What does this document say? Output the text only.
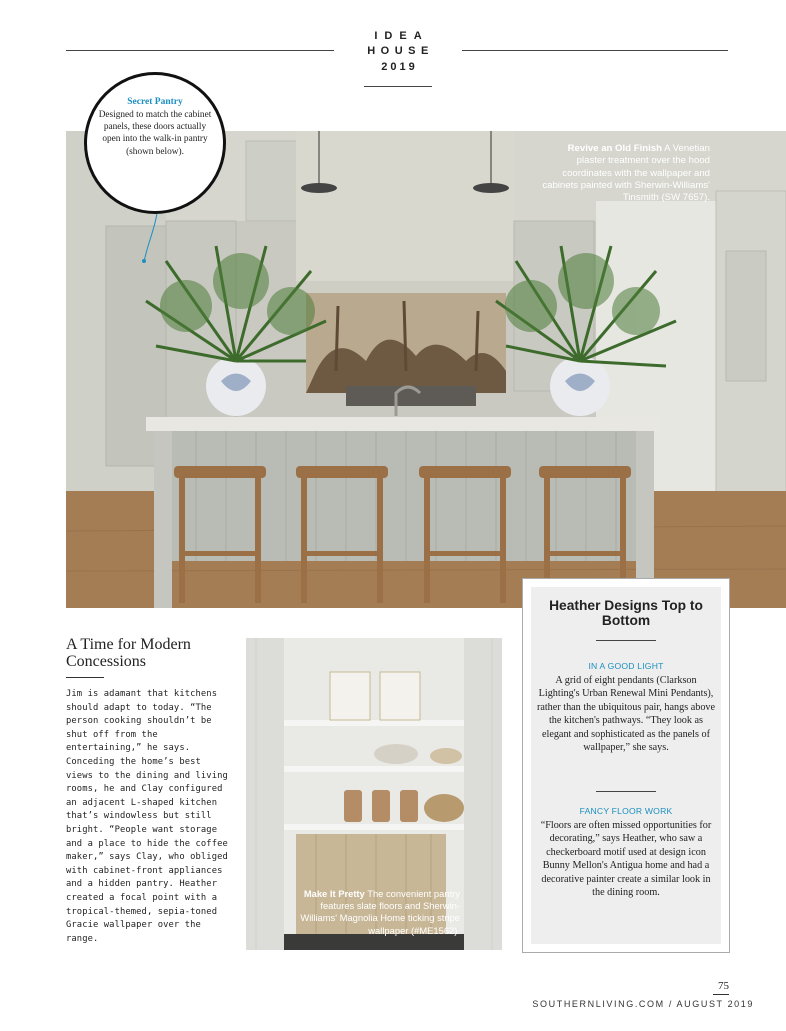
IDEA
HOUSE
2019
Revive an Old Finish A Venetian plaster treatment over the hood coordinates with the wallpaper and cabinets painted with Sherwin-Williams' Tinsmith (SW 7657).
Secret Pantry
Designed to match the cabinet panels, these doors actually open into the walk-in pantry (shown below).
A Time for Modern Concessions
Jim is adamant that kitchens should adapt to today. “The person cooking shouldn’t be shut off from the entertaining,” he says. Conceding the home’s best views to the dining and living rooms, he and Clay configured an adjacent L-shaped kitchen that’s windowless but still bright. “People want storage and a place to hide the coffee maker,” says Clay, who obliged with cabinet-front appliances and a hidden pantry. Heather created a focal point with a tropical-themed, sepia-toned Gracie wallpaper over the range.
Make It Pretty The convenient pantry features slate floors and Sherwin-Williams' Magnolia Home ticking stripe wallpaper (#ME1562).
Heather Designs Top to Bottom
IN A GOOD LIGHT
A grid of eight pendants (Clarkson Lighting's Urban Renewal Mini Pendants), rather than the ubiquitous pair, hangs above the kitchen's pathways. “They look as elegant and sophisticated as the panels of wallpaper,” she says.
FANCY FLOOR WORK
“Floors are often missed opportunities for decorating,” says Heather, who saw a checkerboard motif used at design icon Bunny Mellon's Antigua home and had a decorative painter create a similar look in the dining room.
75
SOUTHERNLIVING.COM / AUGUST 2019
